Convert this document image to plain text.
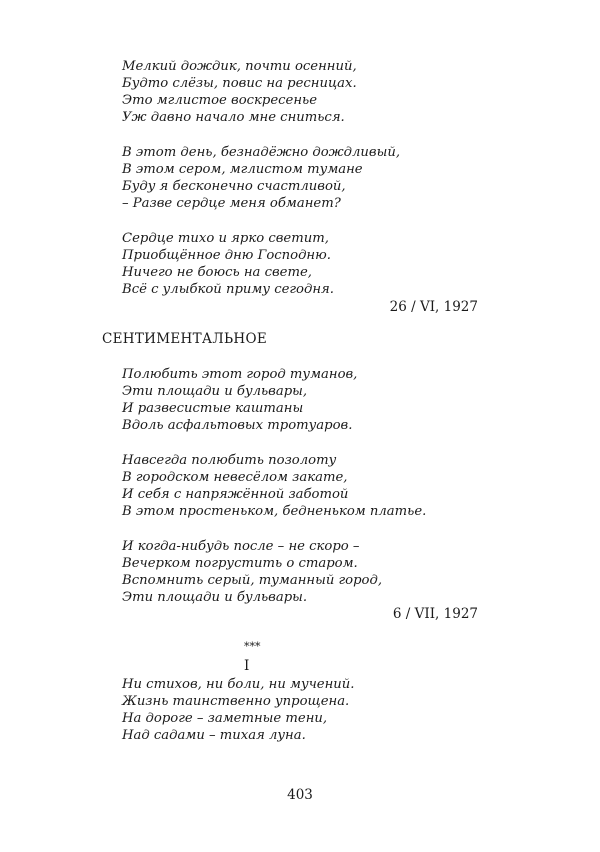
Мелкий дождик, почти осенний,
Будто слёзы, повис на ресницах.
Это мглистое воскресенье
Уж давно начало мне сниться.
В этот день, безнадёжно дождливый,
В этом сером, мглистом тумане
Буду я бесконечно счастливой,
– Разве сердце меня обманет?
Сердце тихо и ярко светит,
Приобщённое дню Господню.
Ничего не боюсь на свете,
Всё с улыбкой приму сегодня.
26 / VI, 1927
СЕНТИМЕНТАЛЬНОЕ
Полюбить этот город туманов,
Эти площади и бульвары,
И развесистые каштаны
Вдоль асфальтовых тротуаров.
Навсегда полюбить позолоту
В городском невесёлом закате,
И себя с напряжённой заботой
В этом простеньком, бедненьком платье.
И когда-нибудь после – не скоро –
Вечерком погрустить о старом.
Вспомнить серый, туманный город,
Эти площади и бульвары.
6 / VII, 1927
***
I
Ни стихов, ни боли, ни мучений.
Жизнь таинственно упрощена.
На дороге – заметные тени,
Над садами – тихая луна.
403
